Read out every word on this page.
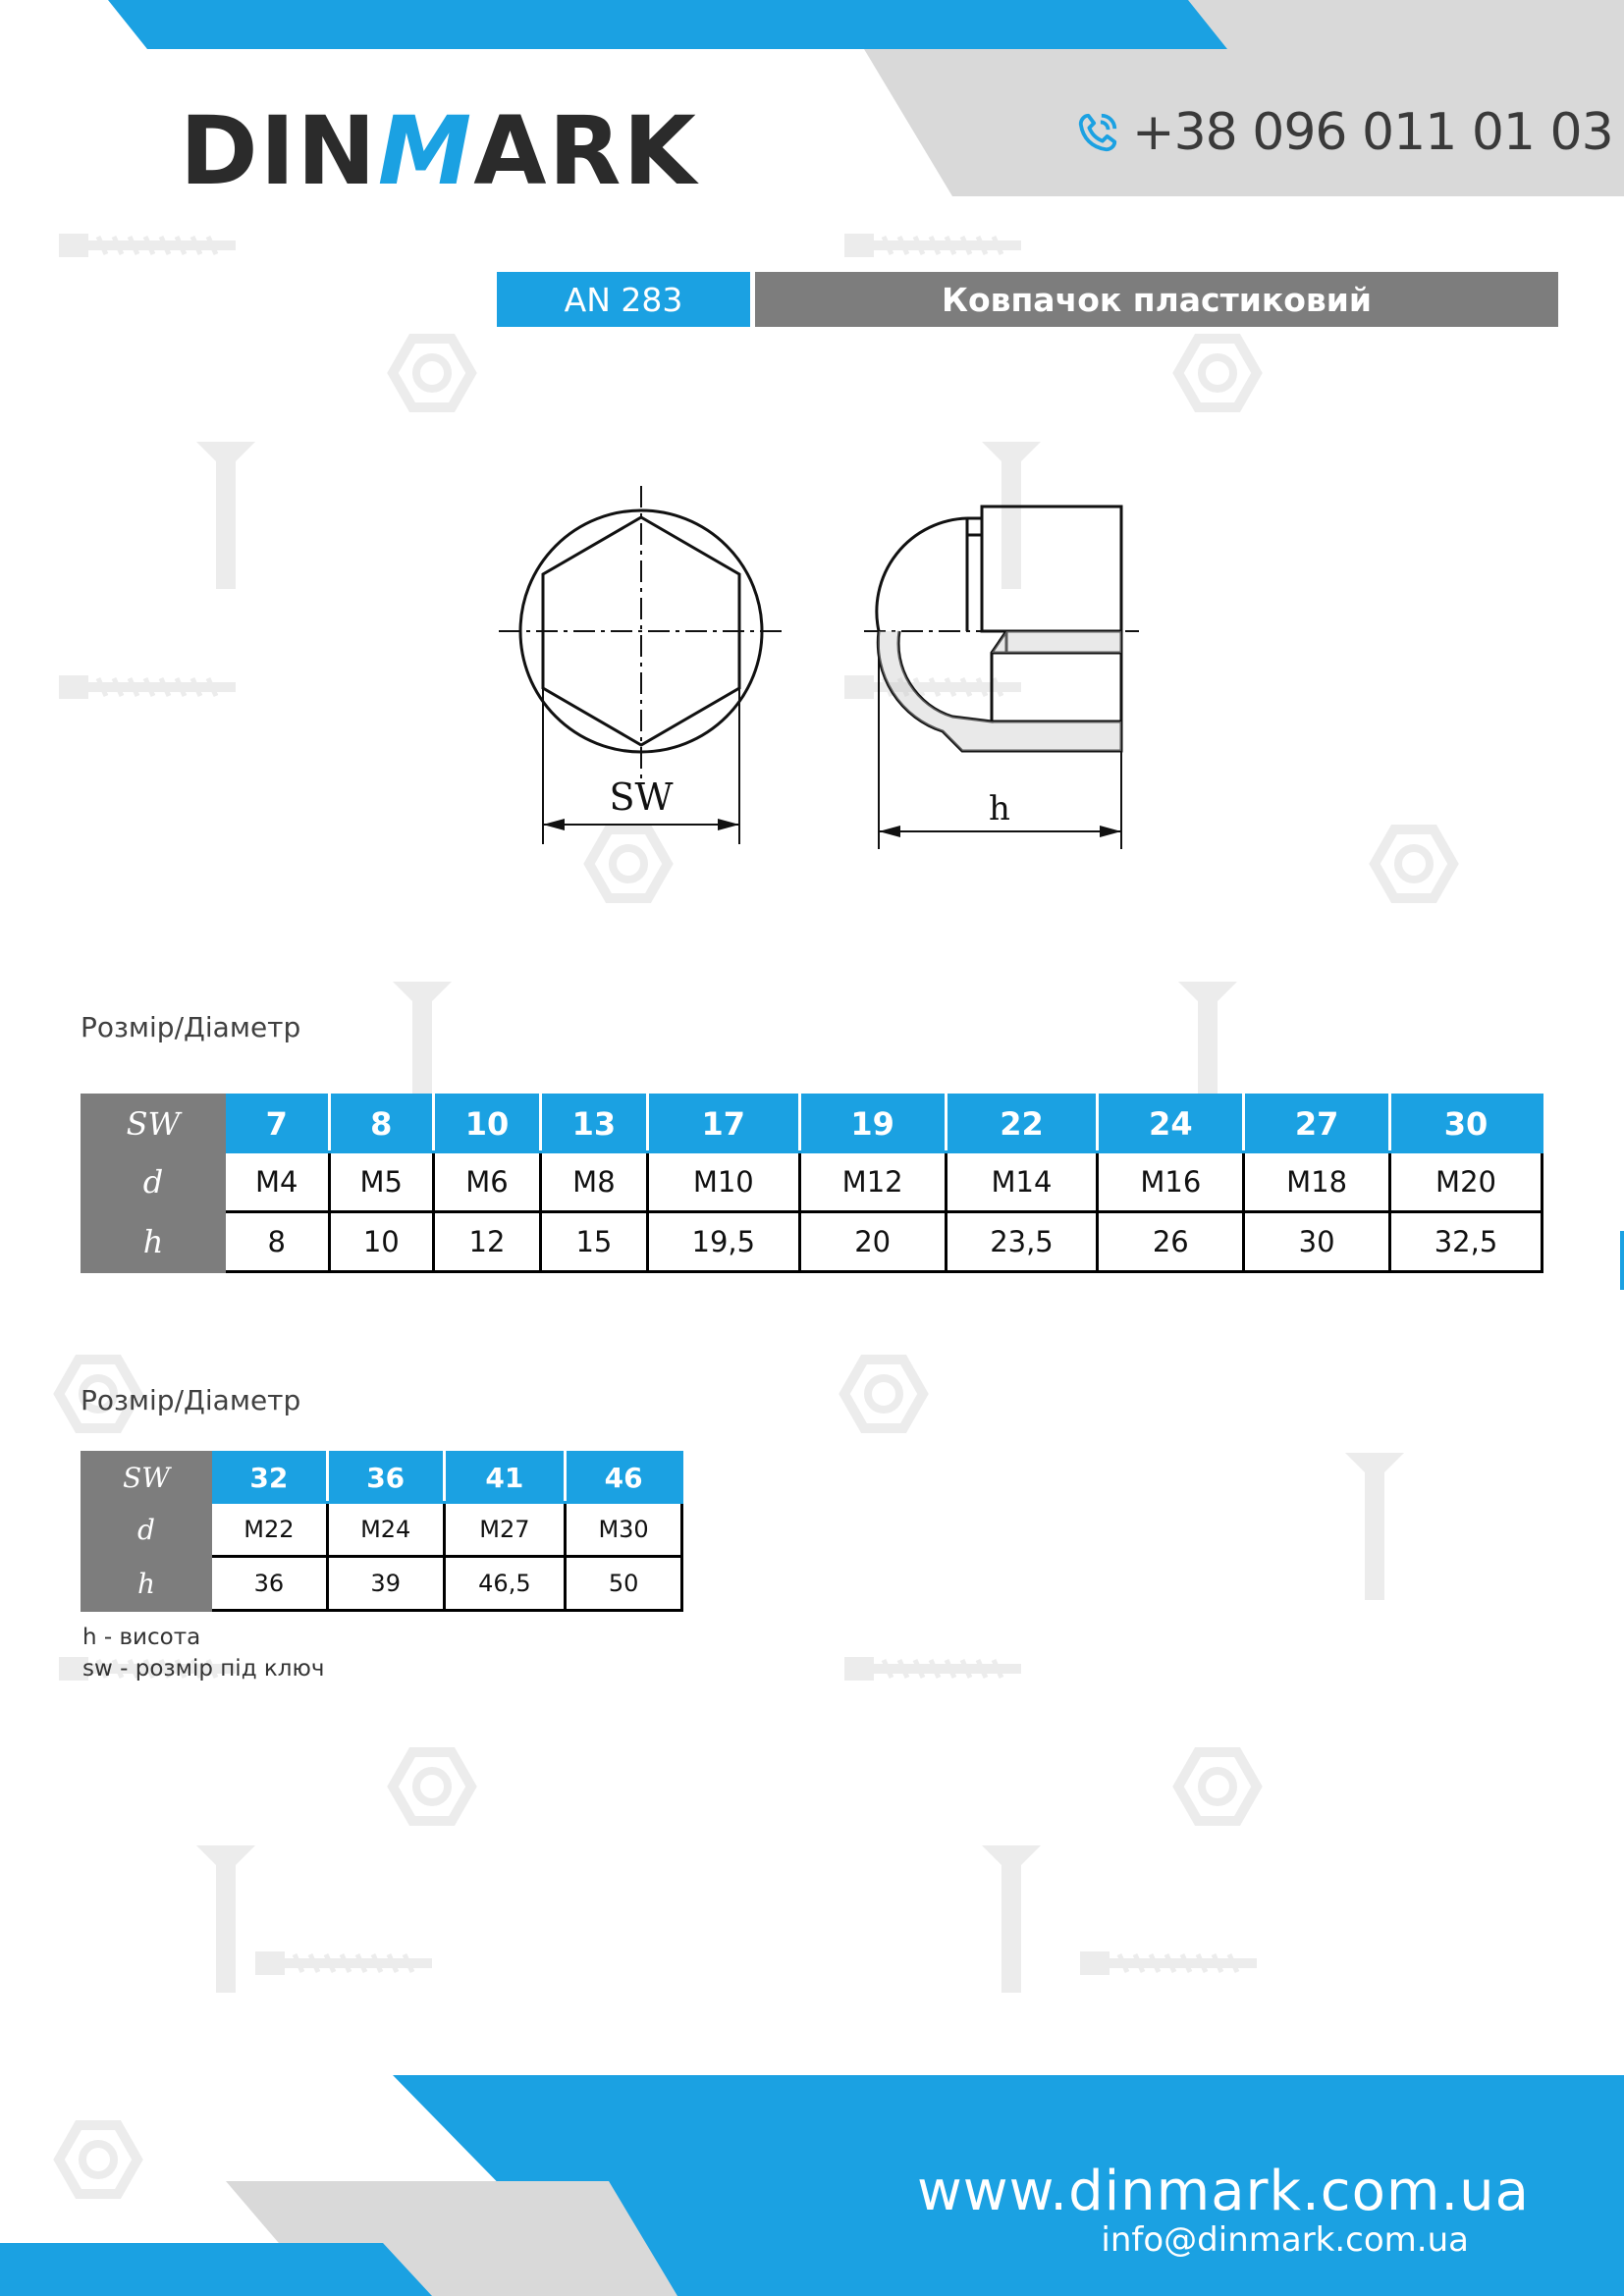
DINMARK	+38 096 011 01 03
AN 283	Ковпачок пластиковий
SW	h
Розмір/Діаметр
SW	7	8	10	13	17	19	22	24	27	30
d	M4	M5	M6	M8	M10	M12	M14	M16	M18	M20
h	8	10	12	15	19,5	20	23,5	26	30	32,5
Розмір/Діаметр
SW	32	36	41	46
d	M22	M24	M27	M30
h	36	39	46,5	50
h - висота
sw - розмір під ключ
www.dinmark.com.ua
info@dinmark.com.ua
